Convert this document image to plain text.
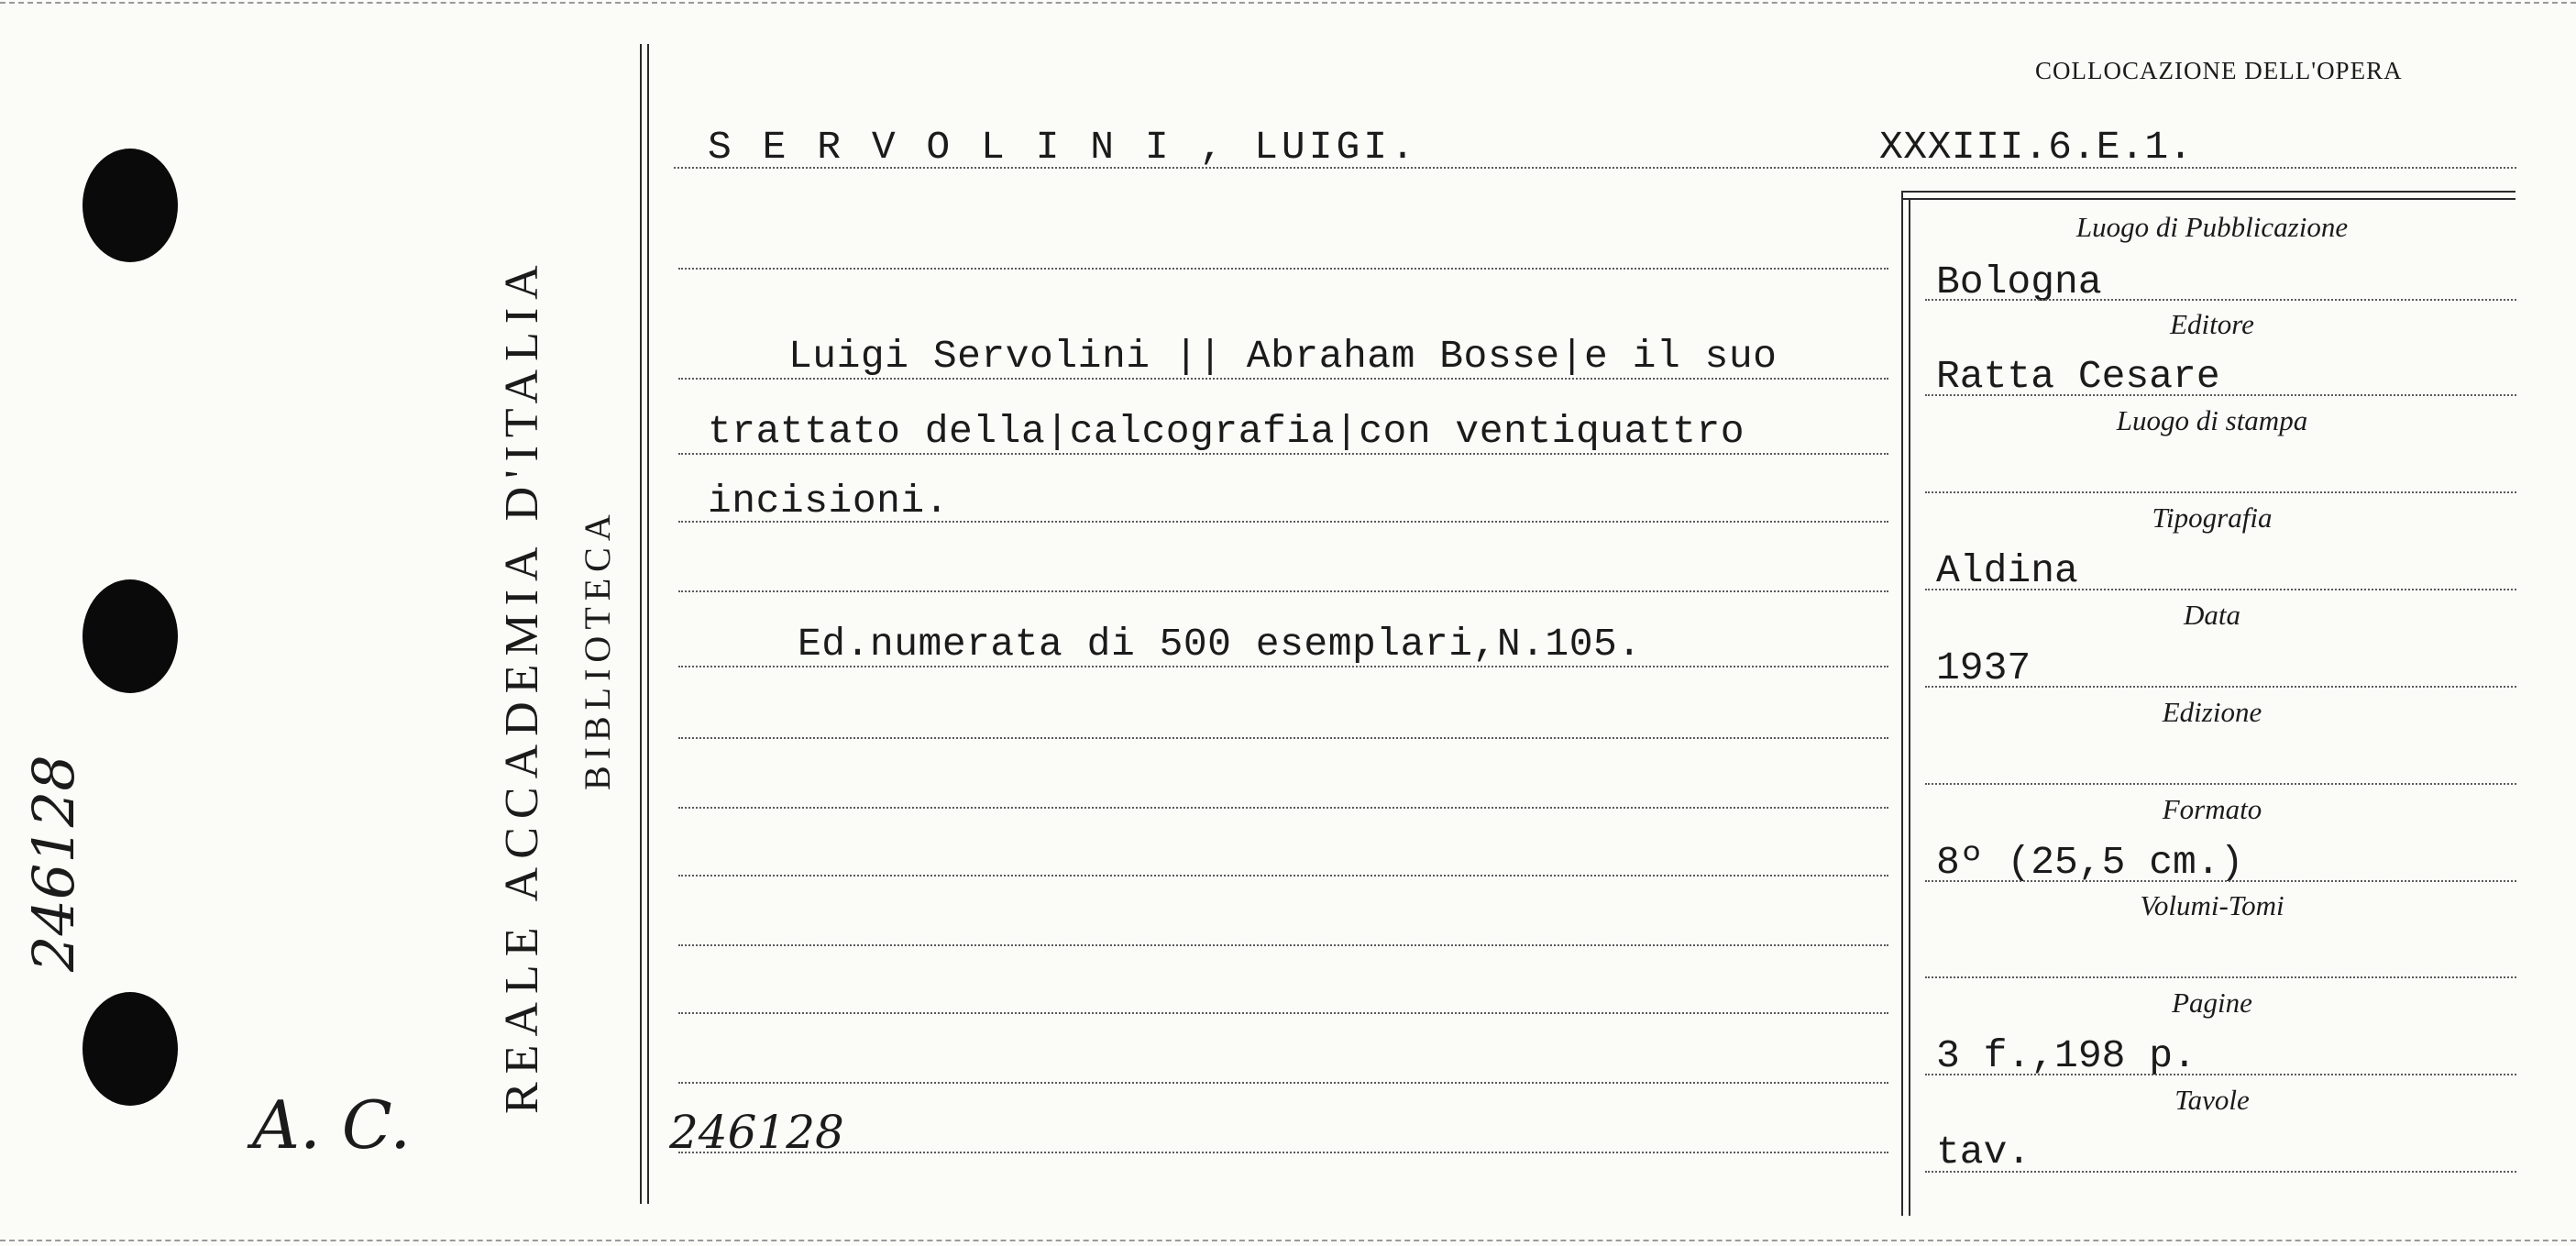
246128
A. C.
REALE ACCADEMIA D'ITALIA BIBLIOTECA
COLLOCAZIONE DELL'OPERA
S E R V O L I N I , LUIGI.	XXXIII.6.E.1.
Luigi Servolini || Abraham Bosse|e il suo
trattato della|calcografia|con ventiquattro
incisioni.
Ed.numerata di 500 esemplari,N.105.
246128
Luogo di Pubblicazione
Bologna
Editore
Ratta Cesare
Luogo di stampa
Tipografia
Aldina
Data
1937
Edizione
Formato
8º (25,5 cm.)
Volumi-Tomi
Pagine
3 f.,198 p.
Tavole
tav.
